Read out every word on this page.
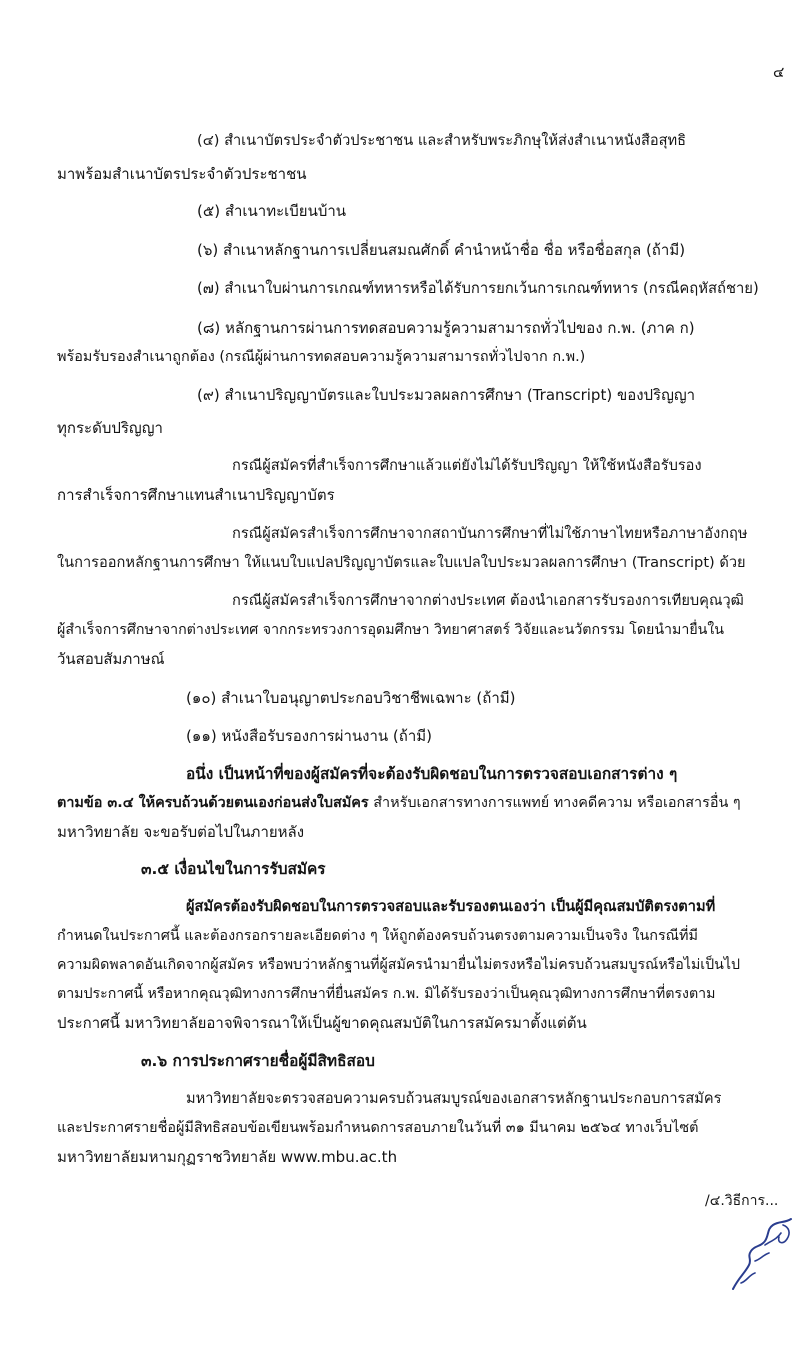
๔
(๔) สำเนาบัตรประจำตัวประชาชน และสำหรับพระภิกษุให้ส่งสำเนาหนังสือสุทธิ
มาพร้อมสำเนาบัตรประจำตัวประชาชน
(๕) สำเนาทะเบียนบ้าน
(๖) สำเนาหลักฐานการเปลี่ยนสมณศักดิ์ คำนำหน้าชื่อ ชื่อ หรือชื่อสกุล (ถ้ามี)
(๗) สำเนาใบผ่านการเกณฑ์ทหารหรือได้รับการยกเว้นการเกณฑ์ทหาร (กรณีคฤหัสถ์ชาย)
(๘) หลักฐานการผ่านการทดสอบความรู้ความสามารถทั่วไปของ ก.พ. (ภาค ก)
พร้อมรับรองสำเนาถูกต้อง (กรณีผู้ผ่านการทดสอบความรู้ความสามารถทั่วไปจาก ก.พ.)
(๙) สำเนาปริญญาบัตรและใบประมวลผลการศึกษา (Transcript) ของปริญญา
ทุกระดับปริญญา
กรณีผู้สมัครที่สำเร็จการศึกษาแล้วแต่ยังไม่ได้รับปริญญา ให้ใช้หนังสือรับรอง
การสำเร็จการศึกษาแทนสำเนาปริญญาบัตร
กรณีผู้สมัครสำเร็จการศึกษาจากสถาบันการศึกษาที่ไม่ใช้ภาษาไทยหรือภาษาอังกฤษ
ในการออกหลักฐานการศึกษา ให้แนบใบแปลปริญญาบัตรและใบแปลใบประมวลผลการศึกษา (Transcript) ด้วย
กรณีผู้สมัครสำเร็จการศึกษาจากต่างประเทศ ต้องนำเอกสารรับรองการเทียบคุณวุฒิ
ผู้สำเร็จการศึกษาจากต่างประเทศ จากกระทรวงการอุดมศึกษา วิทยาศาสตร์ วิจัยและนวัตกรรม โดยนำมายื่นใน
วันสอบสัมภาษณ์
(๑๐) สำเนาใบอนุญาตประกอบวิชาชีพเฉพาะ (ถ้ามี)
(๑๑) หนังสือรับรองการผ่านงาน (ถ้ามี)
อนึ่ง เป็นหน้าที่ของผู้สมัครที่จะต้องรับผิดชอบในการตรวจสอบเอกสารต่าง ๆ
ตามข้อ ๓.๔ ให้ครบถ้วนด้วยตนเองก่อนส่งใบสมัคร สำหรับเอกสารทางการแพทย์ ทางคดีความ หรือเอกสารอื่น ๆ
มหาวิทยาลัย จะขอรับต่อไปในภายหลัง
๓.๕ เงื่อนไขในการรับสมัคร
ผู้สมัครต้องรับผิดชอบในการตรวจสอบและรับรองตนเองว่า เป็นผู้มีคุณสมบัติตรงตามที่
กำหนดในประกาศนี้ และต้องกรอกรายละเอียดต่าง ๆ ให้ถูกต้องครบถ้วนตรงตามความเป็นจริง ในกรณีที่มี
ความผิดพลาดอันเกิดจากผู้สมัคร หรือพบว่าหลักฐานที่ผู้สมัครนำมายื่นไม่ตรงหรือไม่ครบถ้วนสมบูรณ์หรือไม่เป็นไป
ตามประกาศนี้ หรือหากคุณวุฒิทางการศึกษาที่ยื่นสมัคร ก.พ. มิได้รับรองว่าเป็นคุณวุฒิทางการศึกษาที่ตรงตาม
ประกาศนี้ มหาวิทยาลัยอาจพิจารณาให้เป็นผู้ขาดคุณสมบัติในการสมัครมาตั้งแต่ต้น
๓.๖ การประกาศรายชื่อผู้มีสิทธิสอบ
มหาวิทยาลัยจะตรวจสอบความครบถ้วนสมบูรณ์ของเอกสารหลักฐานประกอบการสมัคร
และประกาศรายชื่อผู้มีสิทธิสอบข้อเขียนพร้อมกำหนดการสอบภายในวันที่ ๓๑ มีนาคม ๒๕๖๔ ทางเว็บไซต์
มหาวิทยาลัยมหามกุฏราชวิทยาลัย www.mbu.ac.th
/๔.วิธีการ...
